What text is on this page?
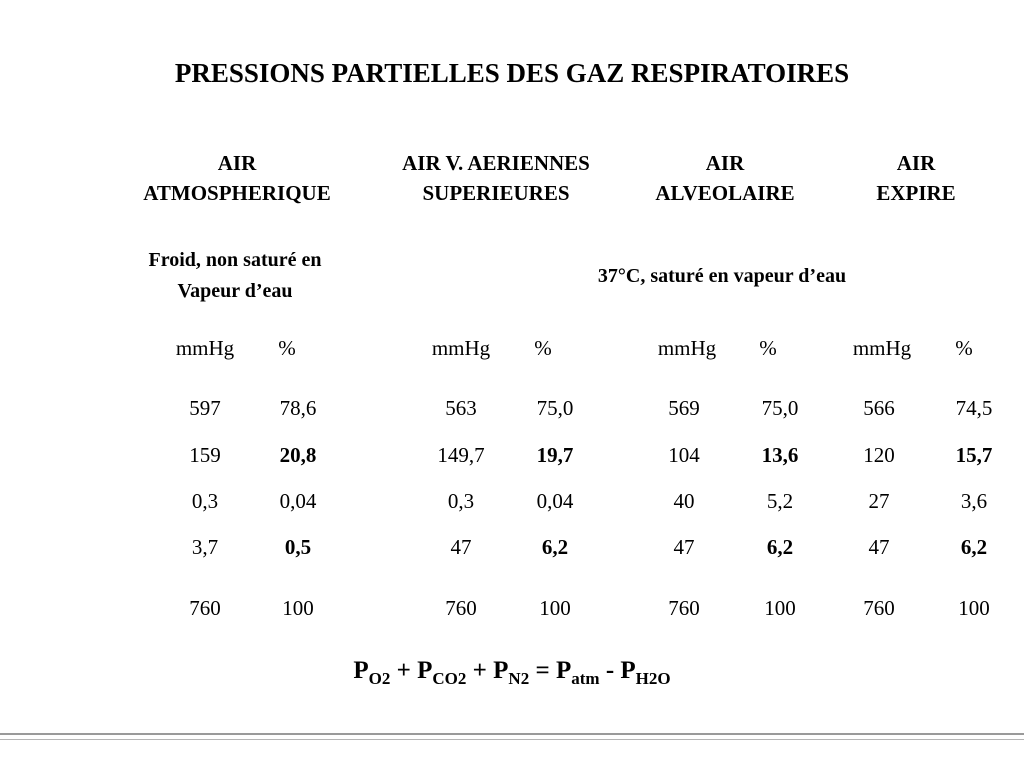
PRESSIONS PARTIELLES DES GAZ RESPIRATOIRES
AIR
ATMOSPHERIQUE
AIR V. AERIENNES
SUPERIEURES
AIR
ALVEOLAIRE
AIR
EXPIRE
Froid, non saturé en
Vapeur d’eau
37°C, saturé en vapeur d’eau
mmHg %	mmHg %	mmHg %	mmHg %
597	78,6	563	75,0	569	75,0	566	74,5
159	20,8	149,7 19,7	104	13,6	120	15,7
0,3	0,04	0,3	0,04	40	5,2	27	3,6
3,7	0,5	47	6,2	47	6,2	47	6,2
760	100	760	100	760	100	760	100
$P_{O2} + P_{CO2} + P_{N2} = P_{atm} - P_{H2O}$
